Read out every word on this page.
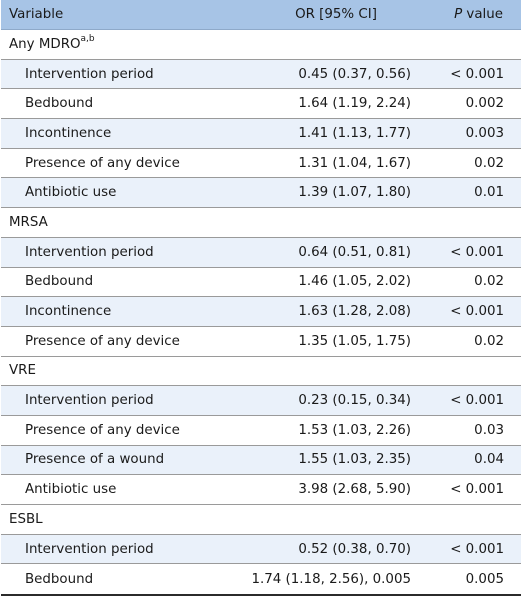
Variable	OR [95% CI]	P value
Any MDRO$^{a,b}$
Intervention period	0.45 (0.37, 0.56)	< 0.001
Bedbound	1.64 (1.19, 2.24)	0.002
Incontinence	1.41 (1.13, 1.77)	0.003
Presence of any device	1.31 (1.04, 1.67)	0.02
Antibiotic use	1.39 (1.07, 1.80)	0.01
MRSA
Intervention period	0.64 (0.51, 0.81)	< 0.001
Bedbound	1.46 (1.05, 2.02)	0.02
Incontinence	1.63 (1.28, 2.08)	< 0.001
Presence of any device	1.35 (1.05, 1.75)	0.02
VRE
Intervention period	0.23 (0.15, 0.34)	< 0.001
Presence of any device	1.53 (1.03, 2.26)	0.03
Presence of a wound	1.55 (1.03, 2.35)	0.04
Antibiotic use	3.98 (2.68, 5.90)	< 0.001
ESBL
Intervention period	0.52 (0.38, 0.70)	< 0.001
Bedbound	1.74 (1.18, 2.56), 0.005	0.005
